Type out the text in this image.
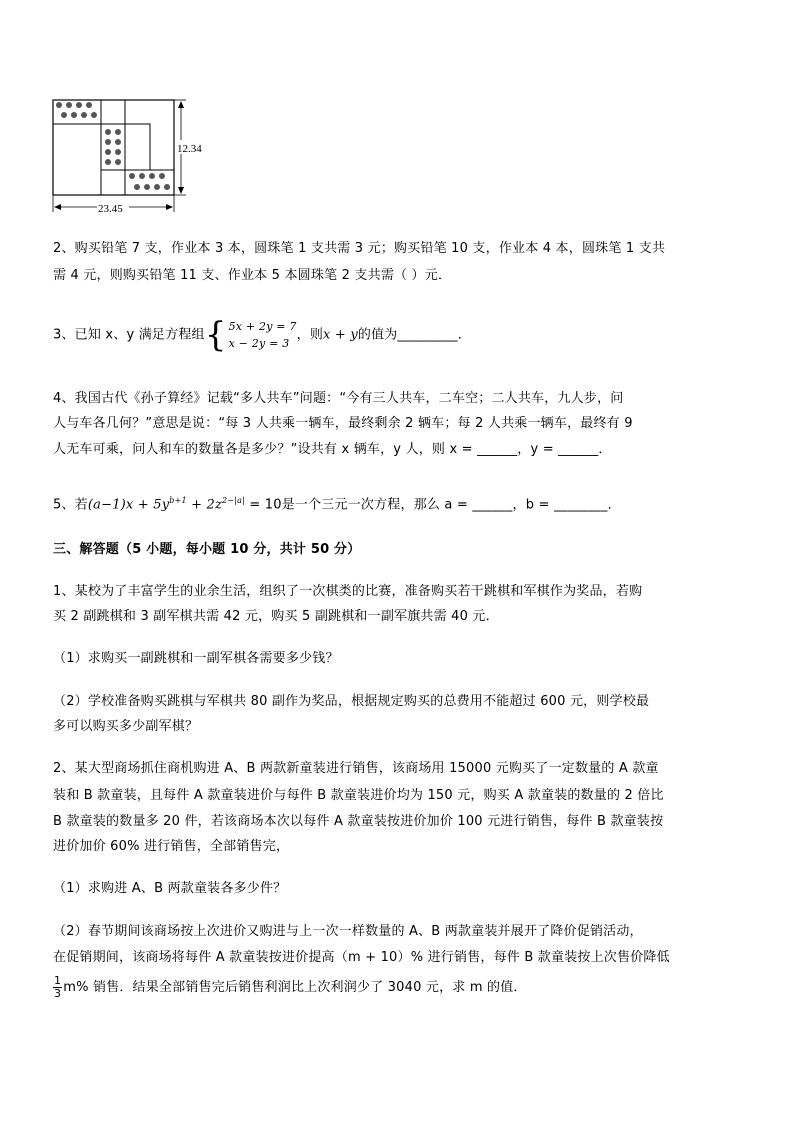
12.34
23.45
2、购买铅笔 7 支，作业本 3 本，圆珠笔 1 支共需 3 元；购买铅笔 10 支，作业本 4 本，圆珠笔 1 支共
需 4 元，则购买铅笔 11 支、作业本 5 本圆珠笔 2 支共需（ ）元．
3、已知 x、y 满足方程组{ 5x + 2y = 7
x − 2y = 3
，则x + y的值为_________．
4、我国古代《孙子算经》记载“多人共车”问题：“今有三人共车，二车空；二人共车，九人步，问
人与车各几何？”意思是说：“每 3 人共乘一辆车，最终剩余 2 辆车；每 2 人共乘一辆车，最终有 9
人无车可乘，问人和车的数量各是多少？”设共有 x 辆车，y 人，则 x = ______，y = ______．
5、若$(a-1)x + 5y^{b+1} + 2z^{2-|a|} = 10$是一个三元一次方程，那么 a = ______，b = ________．
三、解答题（5 小题，每小题 10 分，共计 50 分）
1、某校为了丰富学生的业余生活，组织了一次棋类的比赛，准备购买若干跳棋和军棋作为奖品，若购
买 2 副跳棋和 3 副军棋共需 42 元，购买 5 副跳棋和一副军旗共需 40 元．
（1）求购买一副跳棋和一副军棋各需要多少钱？
（2）学校准备购买跳棋与军棋共 80 副作为奖品，根据规定购买的总费用不能超过 600 元，则学校最
多可以购买多少副军棋？
2、某大型商场抓住商机购进 A、B 两款新童装进行销售，该商场用 15000 元购买了一定数量的 A 款童
装和 B 款童装，且每件 A 款童装进价与每件 B 款童装进价均为 150 元，购买 A 款童装的数量的 2 倍比
B 款童装的数量多 20 件，若该商场本次以每件 A 款童装按进价加价 100 元进行销售，每件 B 款童装按
进价加价 60% 进行销售，全部销售完，
（1）求购进 A、B 两款童装各多少件？
（2）春节期间该商场按上次进价又购进与上一次一样数量的 A、B 两款童装并展开了降价促销活动，
在促销期间，该商场将每件 A 款童装按进价提高（m + 10）% 进行销售，每件 B 款童装按上次售价降低
$\frac{1}{3} m\%$ 销售．结果全部销售完后销售利润比上次利润少了 3040 元，求 m 的值．
